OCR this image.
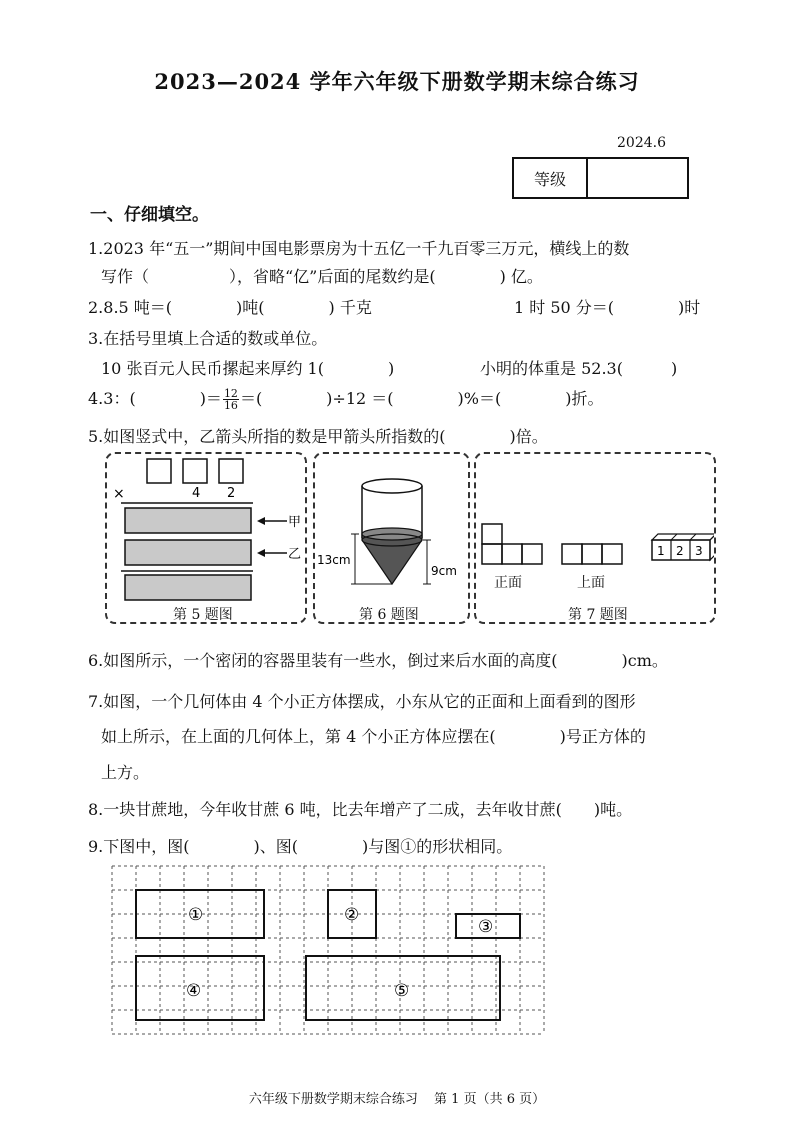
2023—2024 学年六年级下册数学期末综合练习
2024.6
等级
一、仔细填空。
1.2023 年“五一”期间中国电影票房为十五亿一千九百零三万元，横线上的数
写作（　　　　　），省略“亿”后面的尾数约是(　　　　) 亿。
2.8.5 吨＝(　　　　)吨(　　　　) 千克	1 时 50 分＝(　　　　)时
3.在括号里填上合适的数或单位。
10 张百元人民币摞起来厚约 1(　　　　)	小明的体重是 52.3(　　　)
4.3：(　　　　)＝ $\frac{12}{16}$ ＝(　　　　)÷12 ＝(　　　　)%＝(　　　　)折。
5.如图竖式中，乙箭头所指的数是甲箭头所指数的(　　　　)倍。
×	4 2
甲
乙
第 5 题图
13cm
9cm
第 6 题图
1 2 3
正面	上面
第 7 题图
6.如图所示，一个密闭的容器里装有一些水，倒过来后水面的高度(　　　　)cm。
7.如图，一个几何体由 4 个小正方体摆成，小东从它的正面和上面看到的图形
如上所示，在上面的几何体上，第 4 个小正方体应摆在(　　　　)号正方体的
上方。
8.一块甘蔗地，今年收甘蔗 6 吨，比去年增产了二成，去年收甘蔗(　　)吨。
9.下图中，图(　　　　)、图(　　　　)与图①的形状相同。
①	②
③
④	⑤
六年级下册数学期末综合练习 第 1 页（共 6 页）
